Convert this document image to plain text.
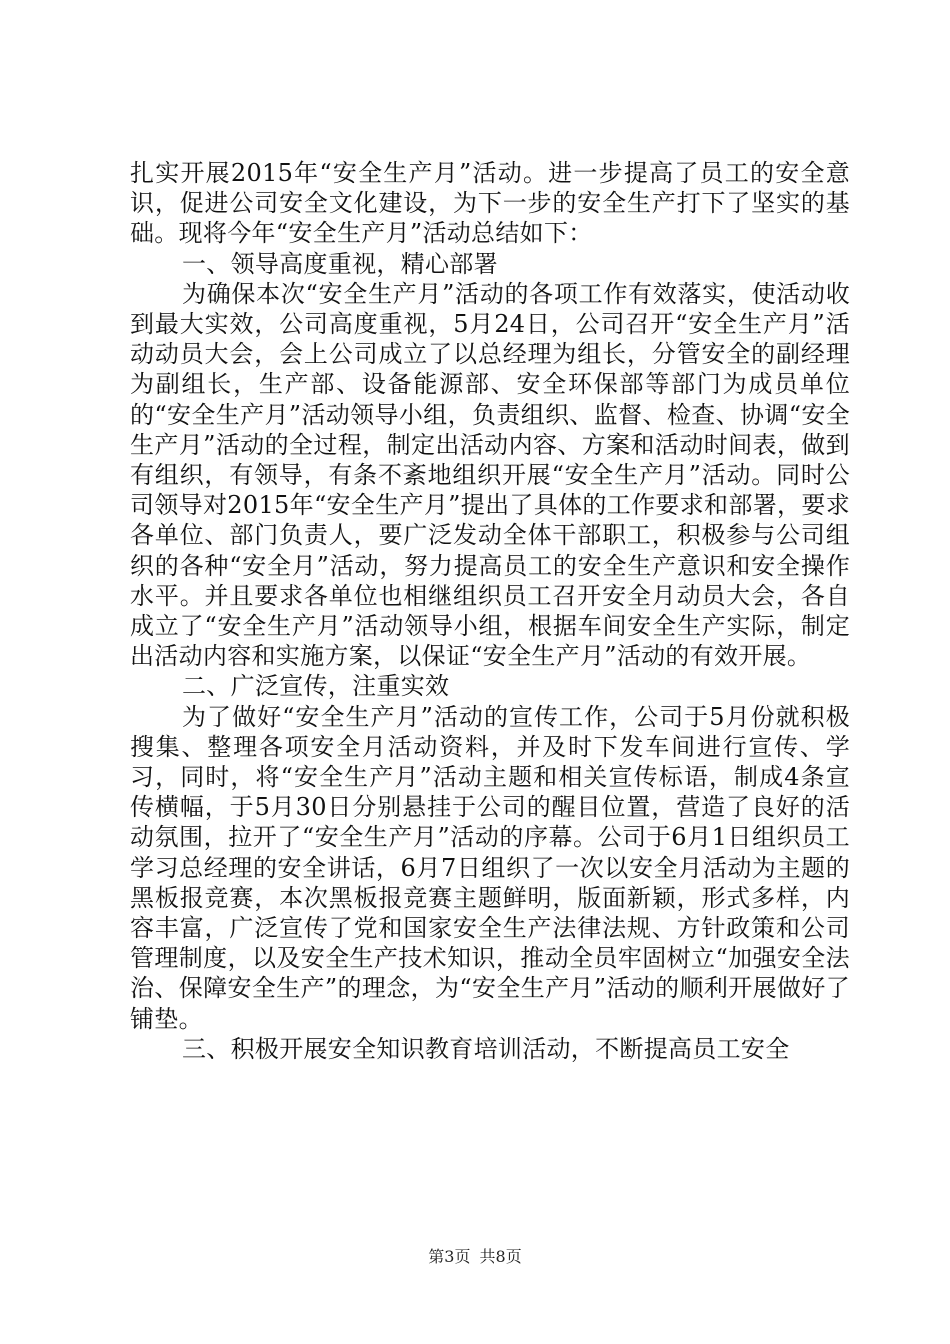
扎实开展2015年“安全生产月”活动。进一步提高了员工的安全意识，促进公司安全文化建设，为下一步的安全生产打下了坚实的基础。现将今年“安全生产月”活动总结如下：

一、领导高度重视，精心部署

为确保本次“安全生产月”活动的各项工作有效落实，使活动收到最大实效，公司高度重视，5月24日，公司召开“安全生产月”活动动员大会，会上公司成立了以总经理为组长，分管安全的副经理为副组长，生产部、设备能源部、安全环保部等部门为成员单位的“安全生产月”活动领导小组，负责组织、监督、检查、协调“安全生产月”活动的全过程，制定出活动内容、方案和活动时间表，做到有组织，有领导，有条不紊地组织开展“安全生产月”活动。同时公司领导对2015年“安全生产月”提出了具体的工作要求和部署，要求各单位、部门负责人，要广泛发动全体干部职工，积极参与公司组织的各种“安全月”活动，努力提高员工的安全生产意识和安全操作水平。并且要求各单位也相继组织员工召开安全月动员大会，各自成立了“安全生产月”活动领导小组，根据车间安全生产实际，制定出活动内容和实施方案，以保证“安全生产月”活动的有效开展。

二、广泛宣传，注重实效

为了做好“安全生产月”活动的宣传工作，公司于5月份就积极搜集、整理各项安全月活动资料，并及时下发车间进行宣传、学习，同时，将“安全生产月”活动主题和相关宣传标语，制成4条宣传横幅，于5月30日分别悬挂于公司的醒目位置，营造了良好的活动氛围，拉开了“安全生产月”活动的序幕。公司于6月1日组织员工学习总经理的安全讲话，6月7日组织了一次以安全月活动为主题的黑板报竞赛，本次黑板报竞赛主题鲜明，版面新颖，形式多样，内容丰富，广泛宣传了党和国家安全生产法律法规、方针政策和公司管理制度，以及安全生产技术知识，推动全员牢固树立“加强安全法治、保障安全生产”的理念，为“安全生产月”活动的顺利开展做好了铺垫。

三、积极开展安全知识教育培训活动，不断提高员工安全

第3页 共8页
